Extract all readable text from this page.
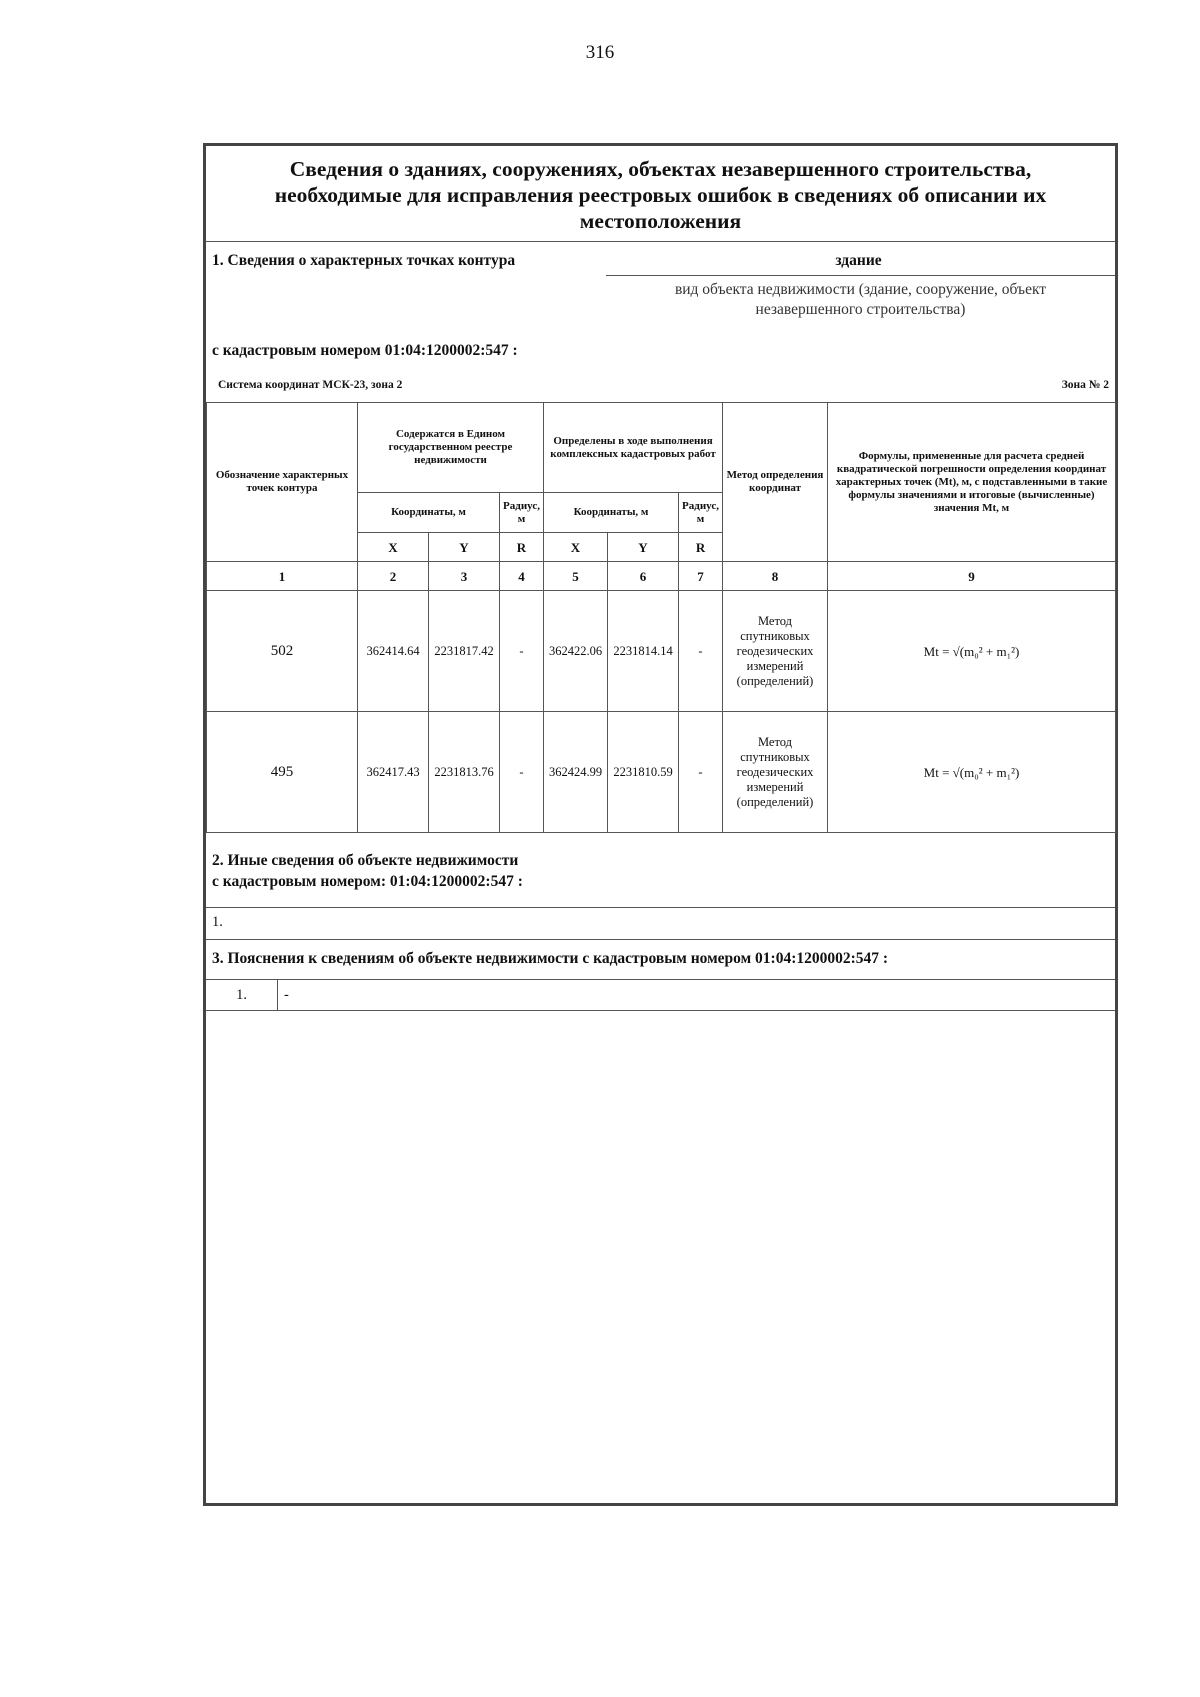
316
Сведения о зданиях, сооружениях, объектах незавершенного строительства,
необходимые для исправления реестровых ошибок в сведениях об описании их
местоположения
1. Сведения о характерных точках контура	здание
вид объекта недвижимости (здание, сооружение, объект
незавершенного строительства)
с кадастровым номером 01:04:1200002:547 :
Система координат МСК-23, зона 2	Зона № 2
Обозначение характерных точек контура	Содержатся в Едином государственном реестре недвижимости			Определены в ходе выполнения комплексных кадастровых работ			Метод определения координат	Формулы, примененные для расчета средней квадратической погрешности определения координат характерных точек (Mt), м, с подставленными в такие формулы значениями и итоговые (вычисленные) значения Mt, м
	Координаты, м		Радиус, м	Координаты, м		Радиус, м		
	X	Y	R	X	Y	R		
1	2	3	4	5	6	7	8	9
502	362414.64	2231817.42	-	362422.06	2231814.14	-	Метод спутниковых геодезических измерений (определений)	Mt = √(m₀² + m₁²)
495	362417.43	2231813.76	-	362424.99	2231810.59	-	Метод спутниковых геодезических измерений (определений)	Mt = √(m₀² + m₁²)
2. Иные сведения об объекте недвижимости
с кадастровым номером: 01:04:1200002:547 :
1.
3. Пояснения к сведениям об объекте недвижимости с кадастровым номером 01:04:1200002:547 :
1.	-
